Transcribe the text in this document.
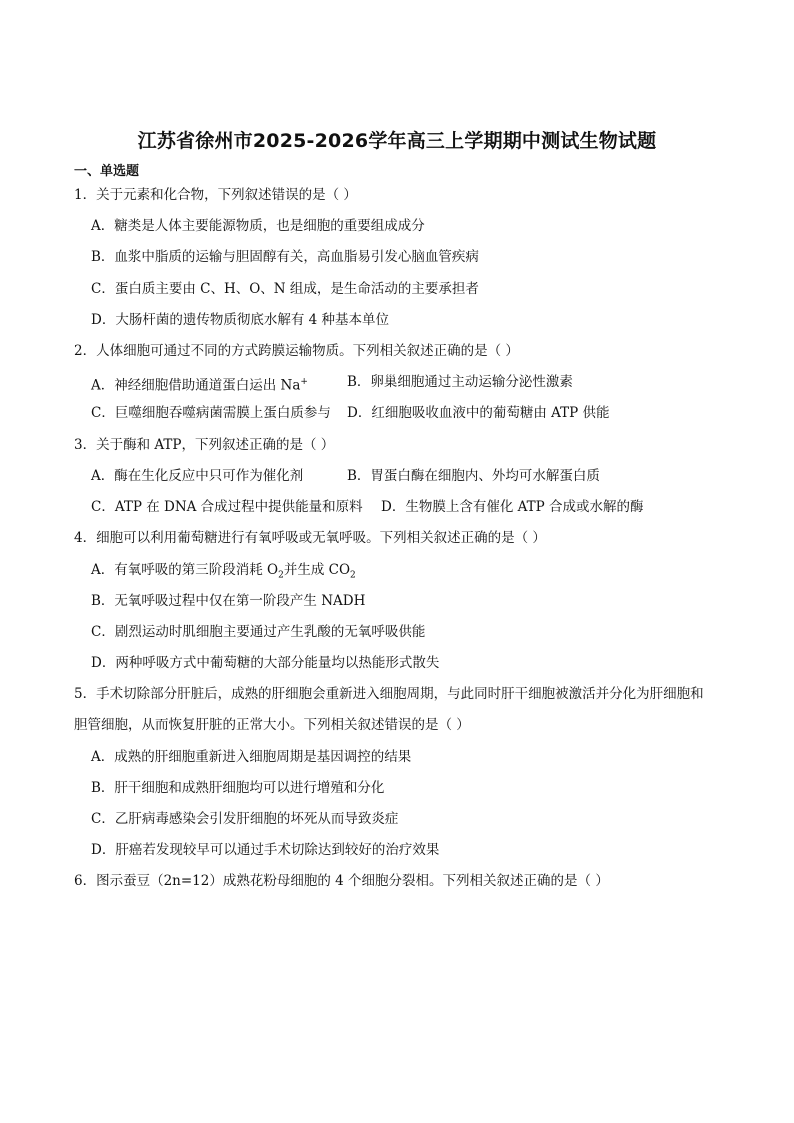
江苏省徐州市2025-2026学年高三上学期期中测试生物试题
一、单选题
1．关于元素和化合物，下列叙述错误的是（ ）
A．糖类是人体主要能源物质，也是细胞的重要组成成分
B．血浆中脂质的运输与胆固醇有关，高血脂易引发心脑血管疾病
C．蛋白质主要由 C、H、O、N 组成，是生命活动的主要承担者
D．大肠杆菌的遗传物质彻底水解有 4 种基本单位
2．人体细胞可通过不同的方式跨膜运输物质。下列相关叙述正确的是（ ）
A．神经细胞借助通道蛋白运出 Na+	B．卵巢细胞通过主动运输分泌性激素
C．巨噬细胞吞噬病菌需膜上蛋白质参与 D．红细胞吸收血液中的葡萄糖由 ATP 供能
3．关于酶和 ATP，下列叙述正确的是（ ）
A．酶在生化反应中只可作为催化剂	B．胃蛋白酶在细胞内、外均可水解蛋白质
C．ATP 在 DNA 合成过程中提供能量和原料 D．生物膜上含有催化 ATP 合成或水解的酶
4．细胞可以利用葡萄糖进行有氧呼吸或无氧呼吸。下列相关叙述正确的是（ ）
A．有氧呼吸的第三阶段消耗 $O_2$并生成 $CO_2$
B．无氧呼吸过程中仅在第一阶段产生 NADH
C．剧烈运动时肌细胞主要通过产生乳酸的无氧呼吸供能
D．两种呼吸方式中葡萄糖的大部分能量均以热能形式散失
5．手术切除部分肝脏后，成熟的肝细胞会重新进入细胞周期，与此同时肝干细胞被激活并分化为肝细胞和
胆管细胞，从而恢复肝脏的正常大小。下列相关叙述错误的是（ ）
A．成熟的肝细胞重新进入细胞周期是基因调控的结果
B．肝干细胞和成熟肝细胞均可以进行增殖和分化
C．乙肝病毒感染会引发肝细胞的坏死从而导致炎症
D．肝癌若发现较早可以通过手术切除达到较好的治疗效果
6．图示蚕豆（2n=12）成熟花粉母细胞的 4 个细胞分裂相。下列相关叙述正确的是（ ）
